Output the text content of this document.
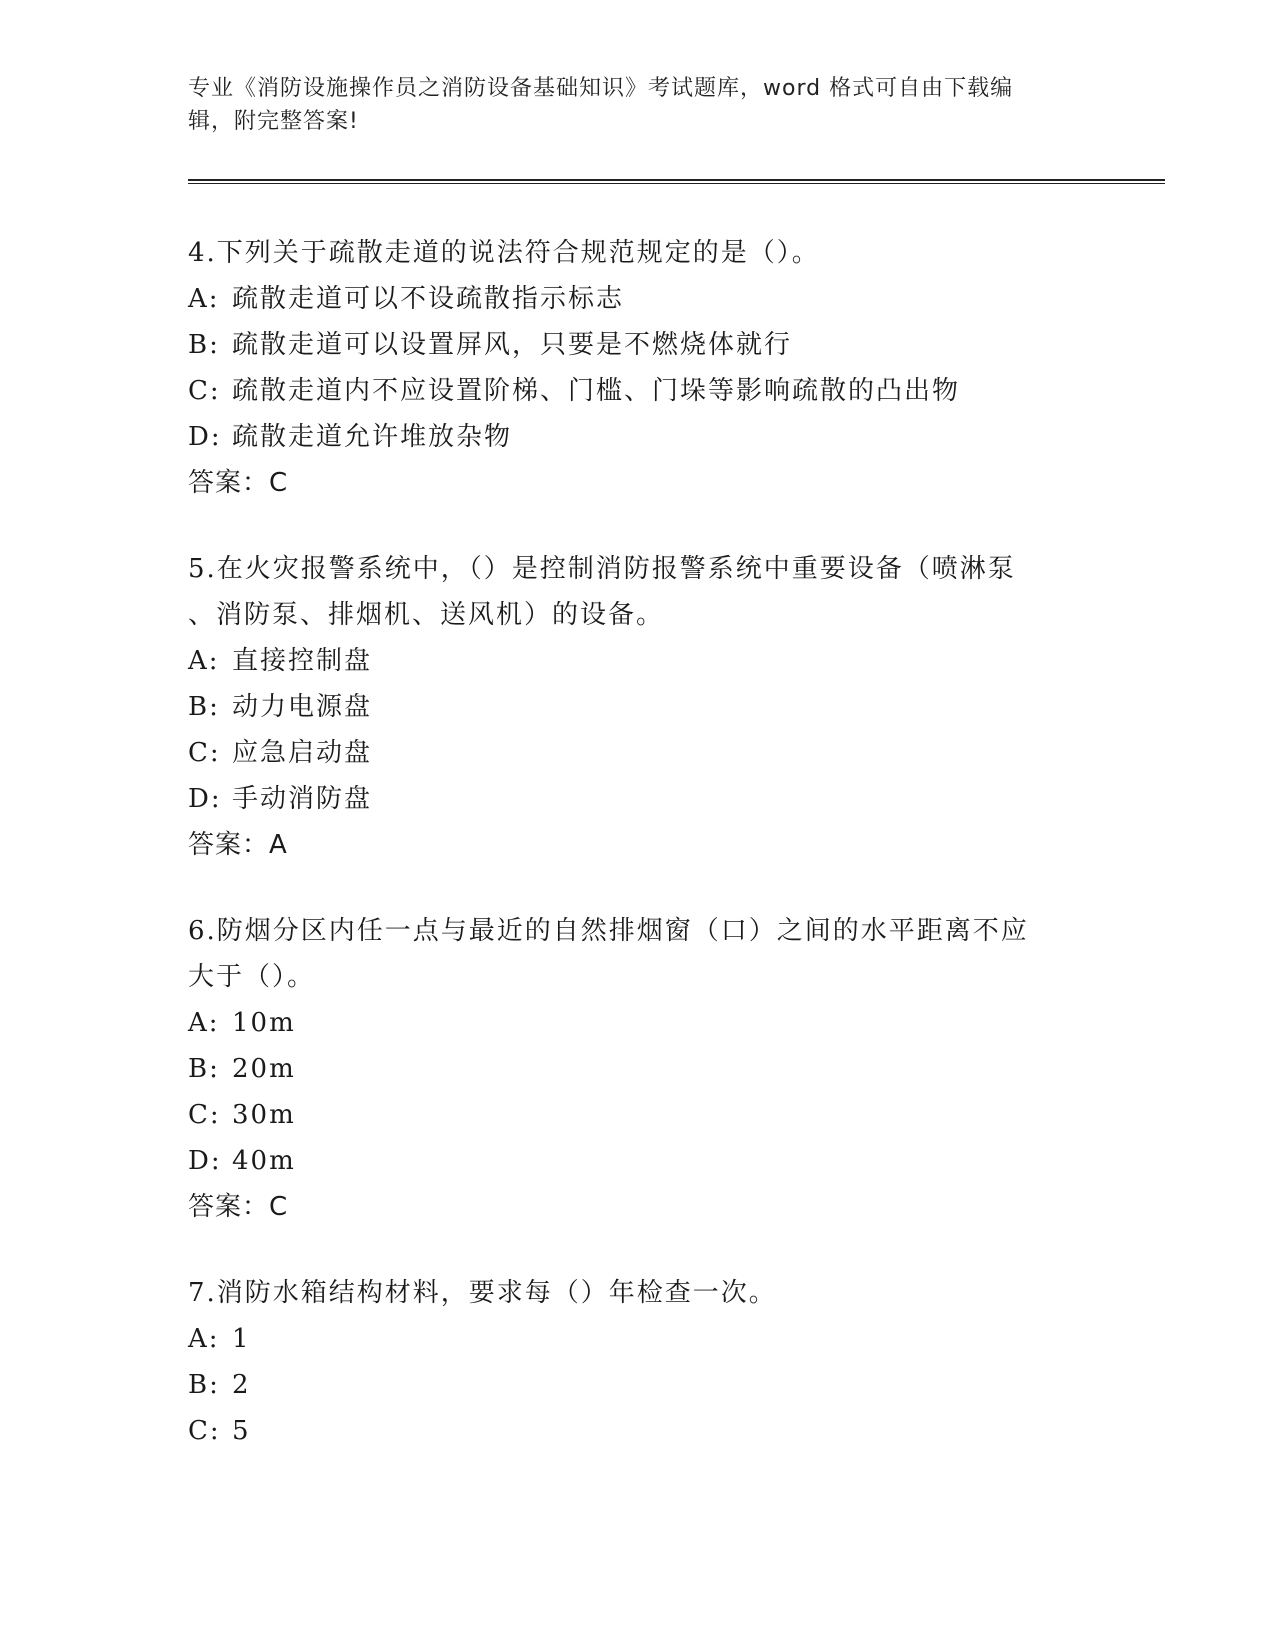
专业《消防设施操作员之消防设备基础知识》考试题库，word 格式可自由下载编
辑，附完整答案!

4.下列关于疏散走道的说法符合规范规定的是（）。

A: 疏散走道可以不设疏散指示标志

B: 疏散走道可以设置屏风，只要是不燃烧体就行

C: 疏散走道内不应设置阶梯、门槛、门垛等影响疏散的凸出物

D: 疏散走道允许堆放杂物

答案：C

5.在火灾报警系统中，（）是控制消防报警系统中重要设备（喷淋泵

、消防泵、排烟机、送风机）的设备。

A: 直接控制盘

B: 动力电源盘

C: 应急启动盘

D: 手动消防盘

答案：A

6.防烟分区内任一点与最近的自然排烟窗（口）之间的水平距离不应

大于（）。

A: 10m

B: 20m

C: 30m

D: 40m

答案：C

7.消防水箱结构材料，要求每（）年检查一次。

A: 1

B: 2

C: 5
